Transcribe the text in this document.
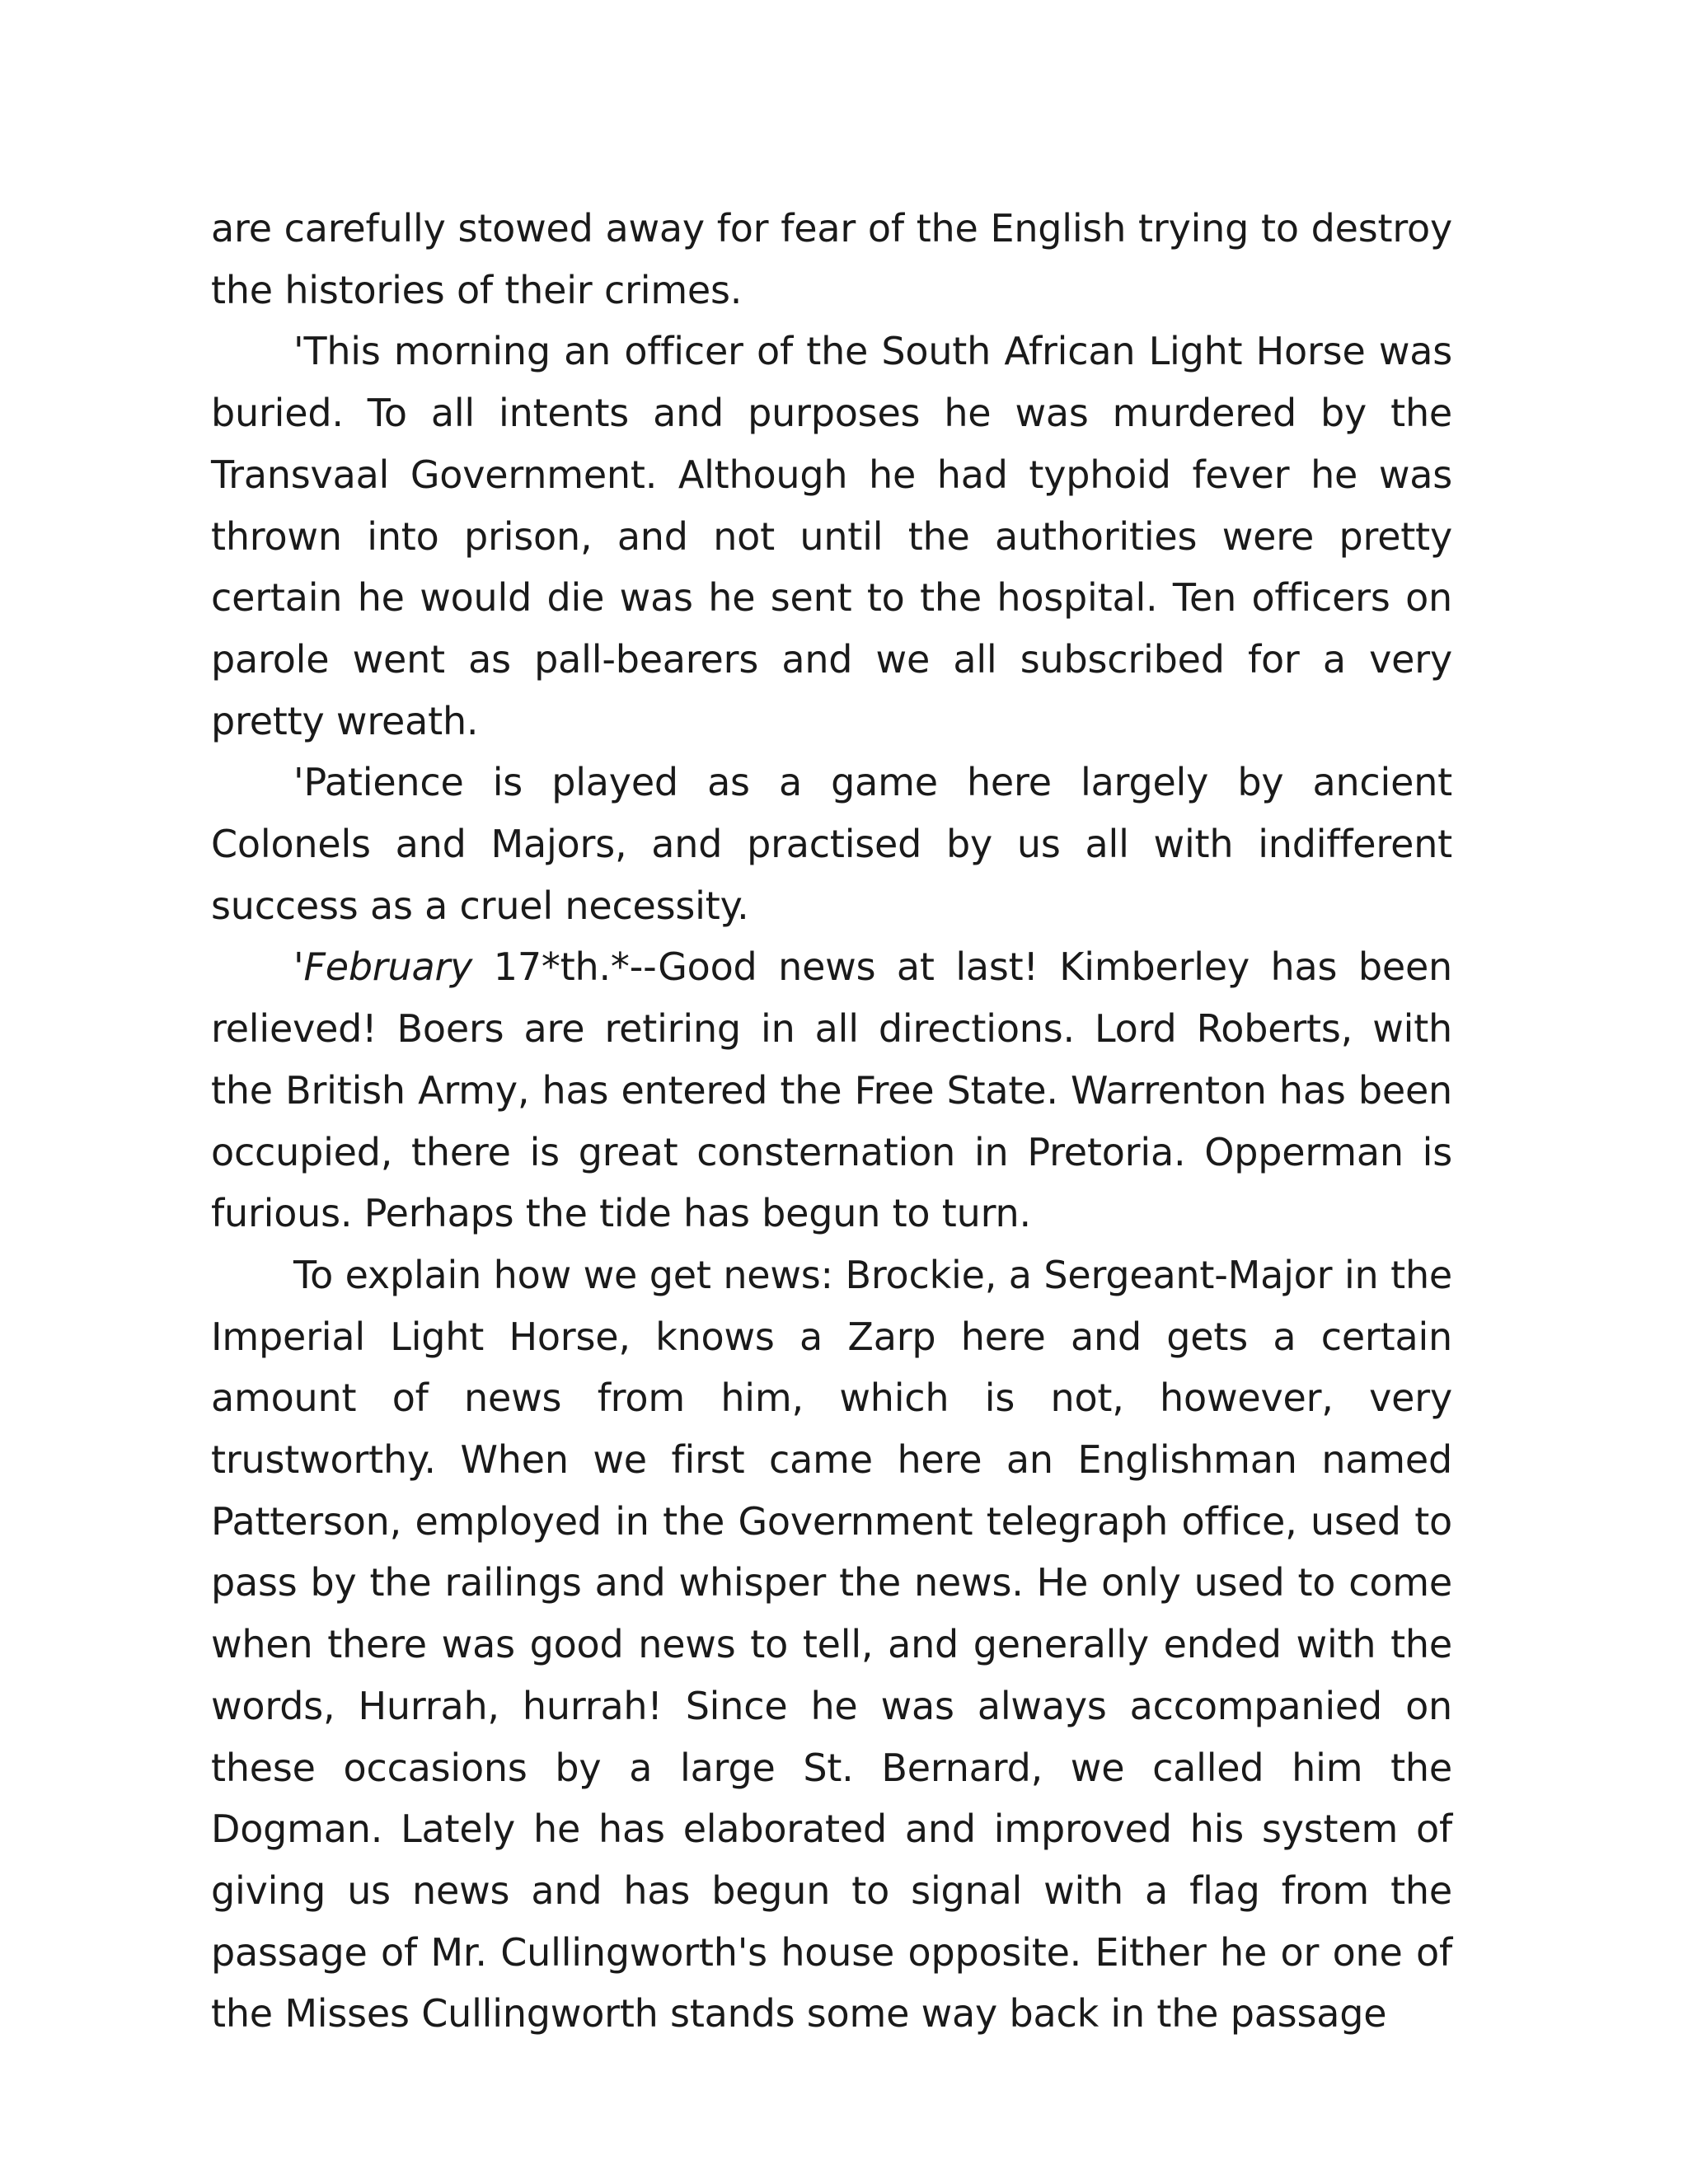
are carefully stowed away for fear of the English trying to destroy the histories of their crimes.

'This morning an officer of the South African Light Horse was buried. To all intents and purposes he was murdered by the Transvaal Government. Although he had typhoid fever he was thrown into prison, and not until the authorities were pretty certain he would die was he sent to the hospital. Ten officers on parole went as pall-bearers and we all subscribed for a very pretty wreath.

'Patience is played as a game here largely by ancient Colonels and Majors, and practised by us all with indifferent success as a cruel necessity.

'February 17*th.*--Good news at last! Kimberley has been relieved! Boers are retiring in all directions. Lord Roberts, with the British Army, has entered the Free State. Warrenton has been occupied, there is great consternation in Pretoria. Opperman is furious. Perhaps the tide has begun to turn.

To explain how we get news: Brockie, a Sergeant-Major in the Imperial Light Horse, knows a Zarp here and gets a certain amount of news from him, which is not, however, very trustworthy. When we first came here an Englishman named Patterson, employed in the Government telegraph office, used to pass by the railings and whisper the news. He only used to come when there was good news to tell, and generally ended with the words, Hurrah, hurrah! Since he was always accompanied on these occasions by a large St. Bernard, we called him the Dogman. Lately he has elaborated and improved his system of giving us news and has begun to signal with a flag from the passage of Mr. Cullingworth's house opposite. Either he or one of the Misses Cullingworth stands some way back in the passage
